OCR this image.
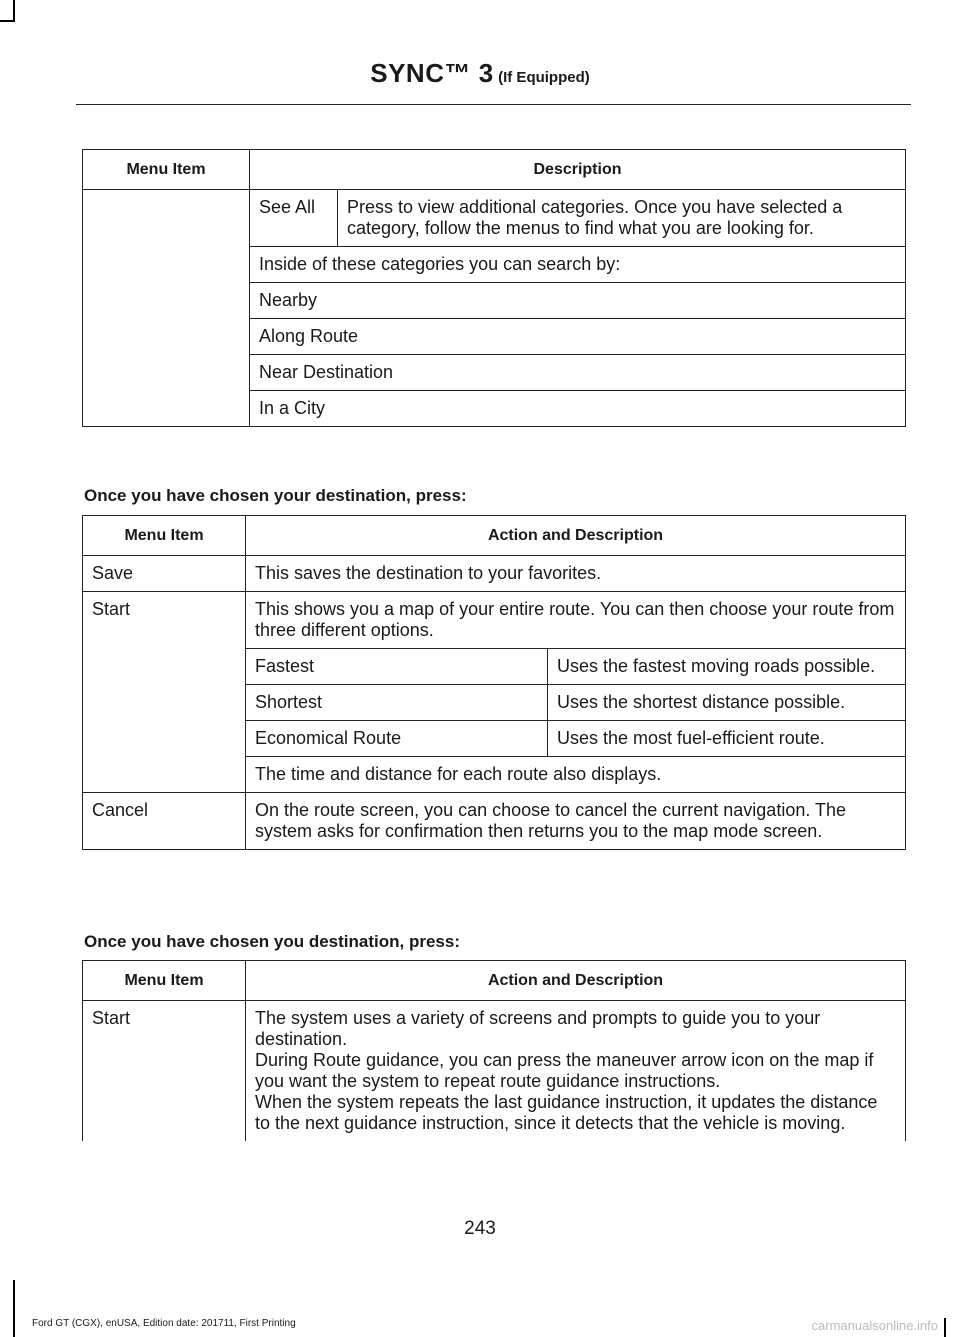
SYNC™ 3 (If Equipped)
Menu Item	Description	
	See All	Press to view additional categories. Once you have selected a category, follow the menus to find what you are looking for.
	Inside of these categories you can search by:	
	Nearby	
	Along Route	
	Near Destination	
	In a City	
Once you have chosen your destination, press:
Menu Item	Action and Description	
Save	This saves the destination to your favorites.	
Start	This shows you a map of your entire route. You can then choose your route from three different options.	
	Fastest	Uses the fastest moving roads possible.
	Shortest	Uses the shortest distance possible.
	Economical Route	Uses the most fuel-efficient route.
	The time and distance for each route also displays.	
Cancel	On the route screen, you can choose to cancel the current navigation. The system asks for confirmation then returns you to the map mode screen.	
Once you have chosen you destination, press:
Menu Item	Action and Description
Start	The system uses a variety of screens and prompts to guide you to your destination.
During Route guidance, you can press the maneuver arrow icon on the map if you want the system to repeat route guidance instructions.
When the system repeats the last guidance instruction, it updates the distance to the next guidance instruction, since it detects that the vehicle is moving.
243
Ford GT (CGX), enUSA, Edition date: 201711, First Printing	carmanualsonline.info
